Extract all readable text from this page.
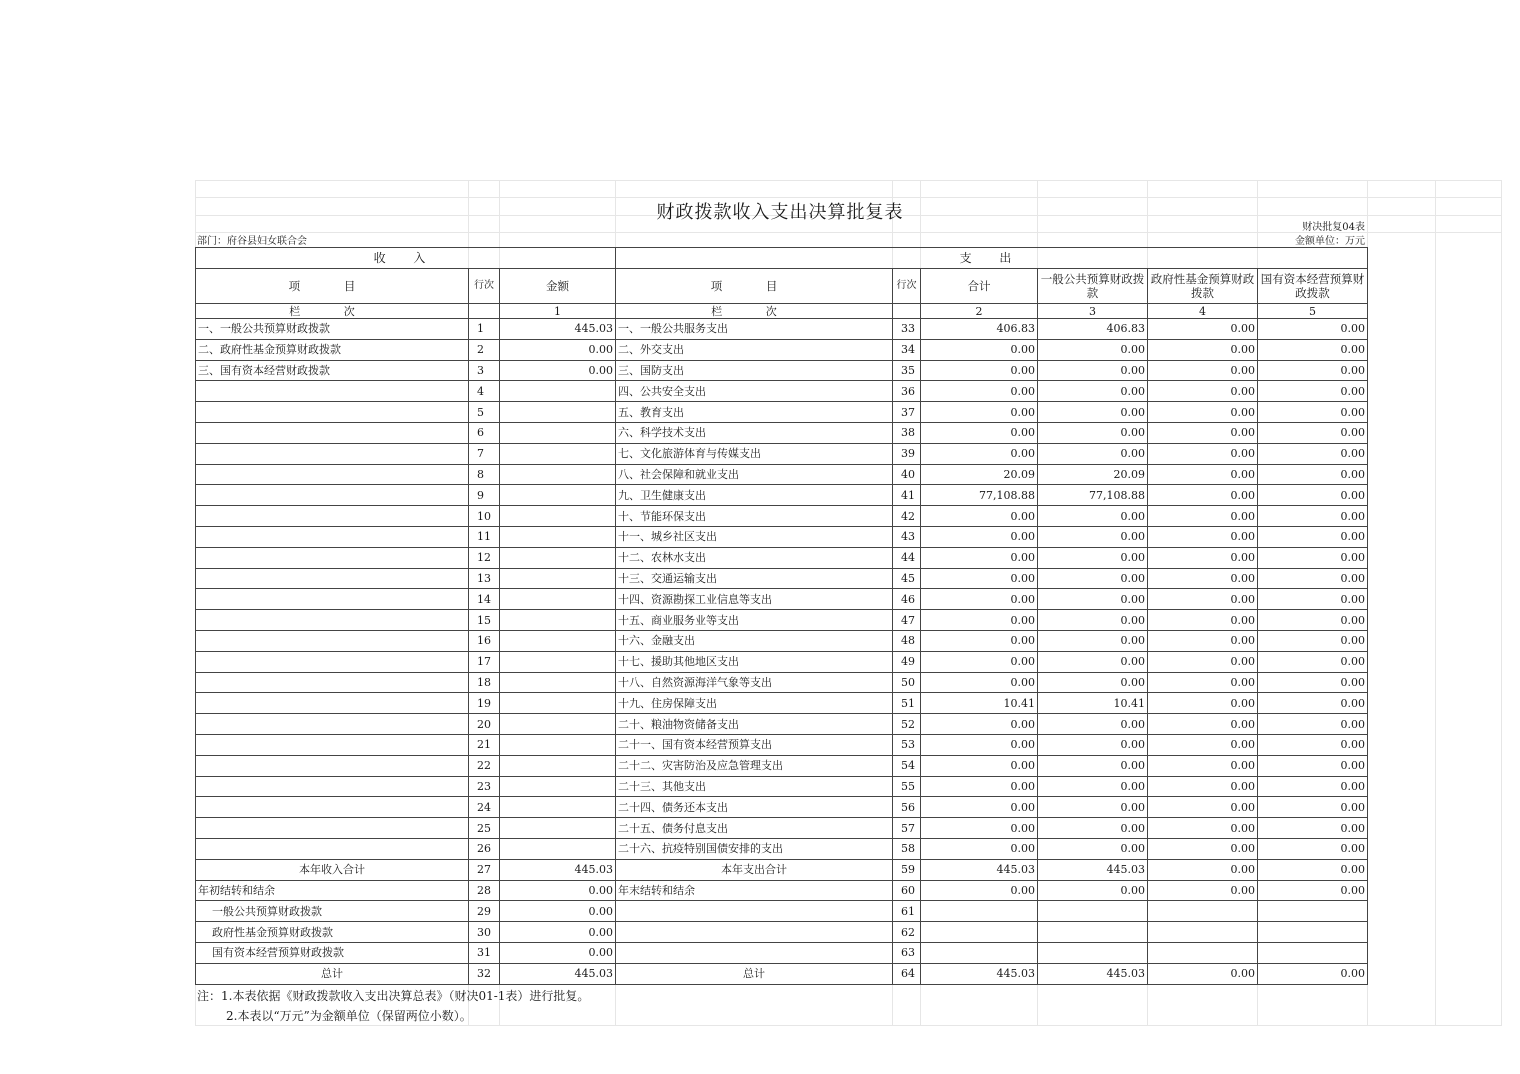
财政拨款收入支出决算批复表
财决批复04表
部门：府谷县妇女联合会	金额单位：万元
收 入			支 出					
项 目	行次	金额	项 目	行次	合计	一般公共预算财政拨款	政府性基金预算财政拨款	国有资本经营预算财政拨款
栏 次		1	栏 次		2	3	4	5
一、一般公共预算财政拨款	1	445.03	一、一般公共服务支出	33	406.83	406.83	0.00	0.00
二、政府性基金预算财政拨款	2	0.00	二、外交支出	34	0.00	0.00	0.00	0.00
三、国有资本经营财政拨款	3	0.00	三、国防支出	35	0.00	0.00	0.00	0.00
	4		四、公共安全支出	36	0.00	0.00	0.00	0.00
	5		五、教育支出	37	0.00	0.00	0.00	0.00
	6		六、科学技术支出	38	0.00	0.00	0.00	0.00
	7		七、文化旅游体育与传媒支出	39	0.00	0.00	0.00	0.00
	8		八、社会保障和就业支出	40	20.09	20.09	0.00	0.00
	9		九、卫生健康支出	41	77,108.88	77,108.88	0.00	0.00
	10		十、节能环保支出	42	0.00	0.00	0.00	0.00
	11		十一、城乡社区支出	43	0.00	0.00	0.00	0.00
	12		十二、农林水支出	44	0.00	0.00	0.00	0.00
	13		十三、交通运输支出	45	0.00	0.00	0.00	0.00
	14		十四、资源勘探工业信息等支出	46	0.00	0.00	0.00	0.00
	15		十五、商业服务业等支出	47	0.00	0.00	0.00	0.00
	16		十六、金融支出	48	0.00	0.00	0.00	0.00
	17		十七、援助其他地区支出	49	0.00	0.00	0.00	0.00
	18		十八、自然资源海洋气象等支出	50	0.00	0.00	0.00	0.00
	19		十九、住房保障支出	51	10.41	10.41	0.00	0.00
	20		二十、粮油物资储备支出	52	0.00	0.00	0.00	0.00
	21		二十一、国有资本经营预算支出	53	0.00	0.00	0.00	0.00
	22		二十二、灾害防治及应急管理支出	54	0.00	0.00	0.00	0.00
	23		二十三、其他支出	55	0.00	0.00	0.00	0.00
	24		二十四、债务还本支出	56	0.00	0.00	0.00	0.00
	25		二十五、债务付息支出	57	0.00	0.00	0.00	0.00
	26		二十六、抗疫特别国债安排的支出	58	0.00	0.00	0.00	0.00
本年收入合计	27	445.03	本年支出合计	59	445.03	445.03	0.00	0.00
年初结转和结余	28	0.00	年末结转和结余	60	0.00	0.00	0.00	0.00
一般公共预算财政拨款	29	0.00		61				
政府性基金预算财政拨款	30	0.00		62				
国有资本经营预算财政拨款	31	0.00		63				
总计	32	445.03	总计	64	445.03	445.03	0.00	0.00
注：1.本表依据《财政拨款收入支出决算总表》（财决01-1表）进行批复。
2.本表以“万元”为金额单位（保留两位小数）。
